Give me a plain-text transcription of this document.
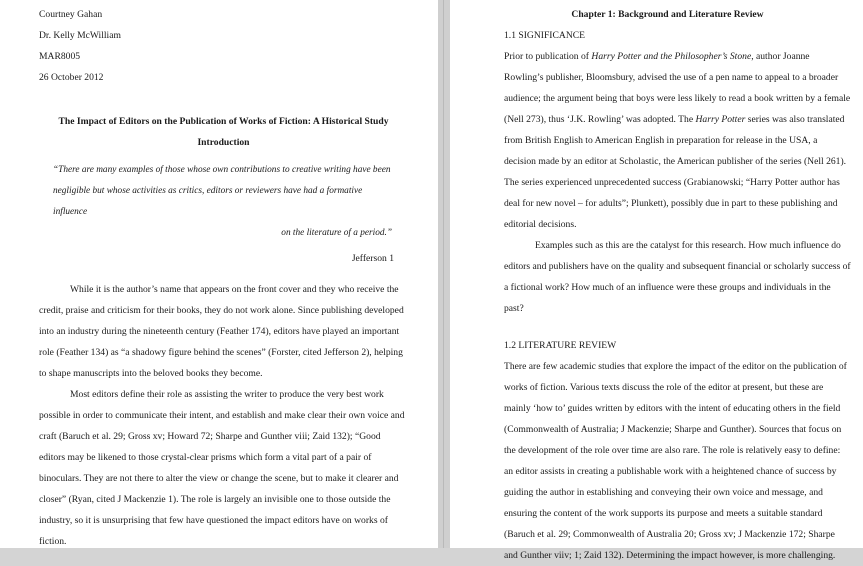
Courtney Gahan
Dr. Kelly McWilliam
MAR8005
26 October 2012

The Impact of Editors on the Publication of Works of Fiction: A Historical Study

Introduction

“There are many examples of those whose own contributions to creative writing have been
negligible but whose activities as critics, editors or reviewers have had a formative influence
on the literature of a period.”
Jefferson 1

While it is the author’s name that appears on the front cover and they who receive the credit, praise and criticism for their books, they do not work alone. Since publishing developed into an industry during the nineteenth century (Feather 174), editors have played an important role (Feather 134) as “a shadowy figure behind the scenes” (Forster, cited Jefferson 2), helping to shape manuscripts into the beloved books they become.

Most editors define their role as assisting the writer to produce the very best work possible in order to communicate their intent, and establish and make clear their own voice and craft (Baruch et al. 29; Gross xv; Howard 72; Sharpe and Gunther viii; Zaid 132); “Good editors may be likened to those crystal-clear prisms which form a vital part of a pair of binoculars. They are not there to alter the view or change the scene, but to make it clearer and closer” (Ryan, cited J Mackenzie 1). The role is largely an invisible one to those outside the industry, so it is unsurprising that few have questioned the impact editors have on works of fiction.

Chapter 1: Background and Literature Review
1.1 SIGNIFICANCE

Prior to publication of Harry Potter and the Philosopher’s Stone, author Joanne Rowling’s publisher, Bloomsbury, advised the use of a pen name to appeal to a broader audience; the argument being that boys were less likely to read a book written by a female (Nell 273), thus ‘J.K. Rowling’ was adopted. The Harry Potter series was also translated from British English to American English in preparation for release in the USA, a decision made by an editor at Scholastic, the American publisher of the series (Nell 261). The series experienced unprecedented success (Grabianowski; “Harry Potter author has deal for new novel – for adults”; Plunkett), possibly due in part to these publishing and editorial decisions.

Examples such as this are the catalyst for this research. How much influence do editors and publishers have on the quality and subsequent financial or scholarly success of a fictional work? How much of an influence were these groups and individuals in the past?

1.2 LITERATURE REVIEW

There are few academic studies that explore the impact of the editor on the publication of works of fiction. Various texts discuss the role of the editor at present, but these are mainly ‘how to’ guides written by editors with the intent of educating others in the field (Commonwealth of Australia; J Mackenzie; Sharpe and Gunther). Sources that focus on the development of the role over time are also rare. The role is relatively easy to define: an editor assists in creating a publishable work with a heightened chance of success by guiding the author in establishing and conveying their own voice and message, and ensuring the content of the work supports its purpose and meets a suitable standard (Baruch et al. 29; Commonwealth of Australia 20; Gross xv; J Mackenzie 172; Sharpe and Gunther viiv; 1; Zaid 132). Determining the impact however, is more challenging.
